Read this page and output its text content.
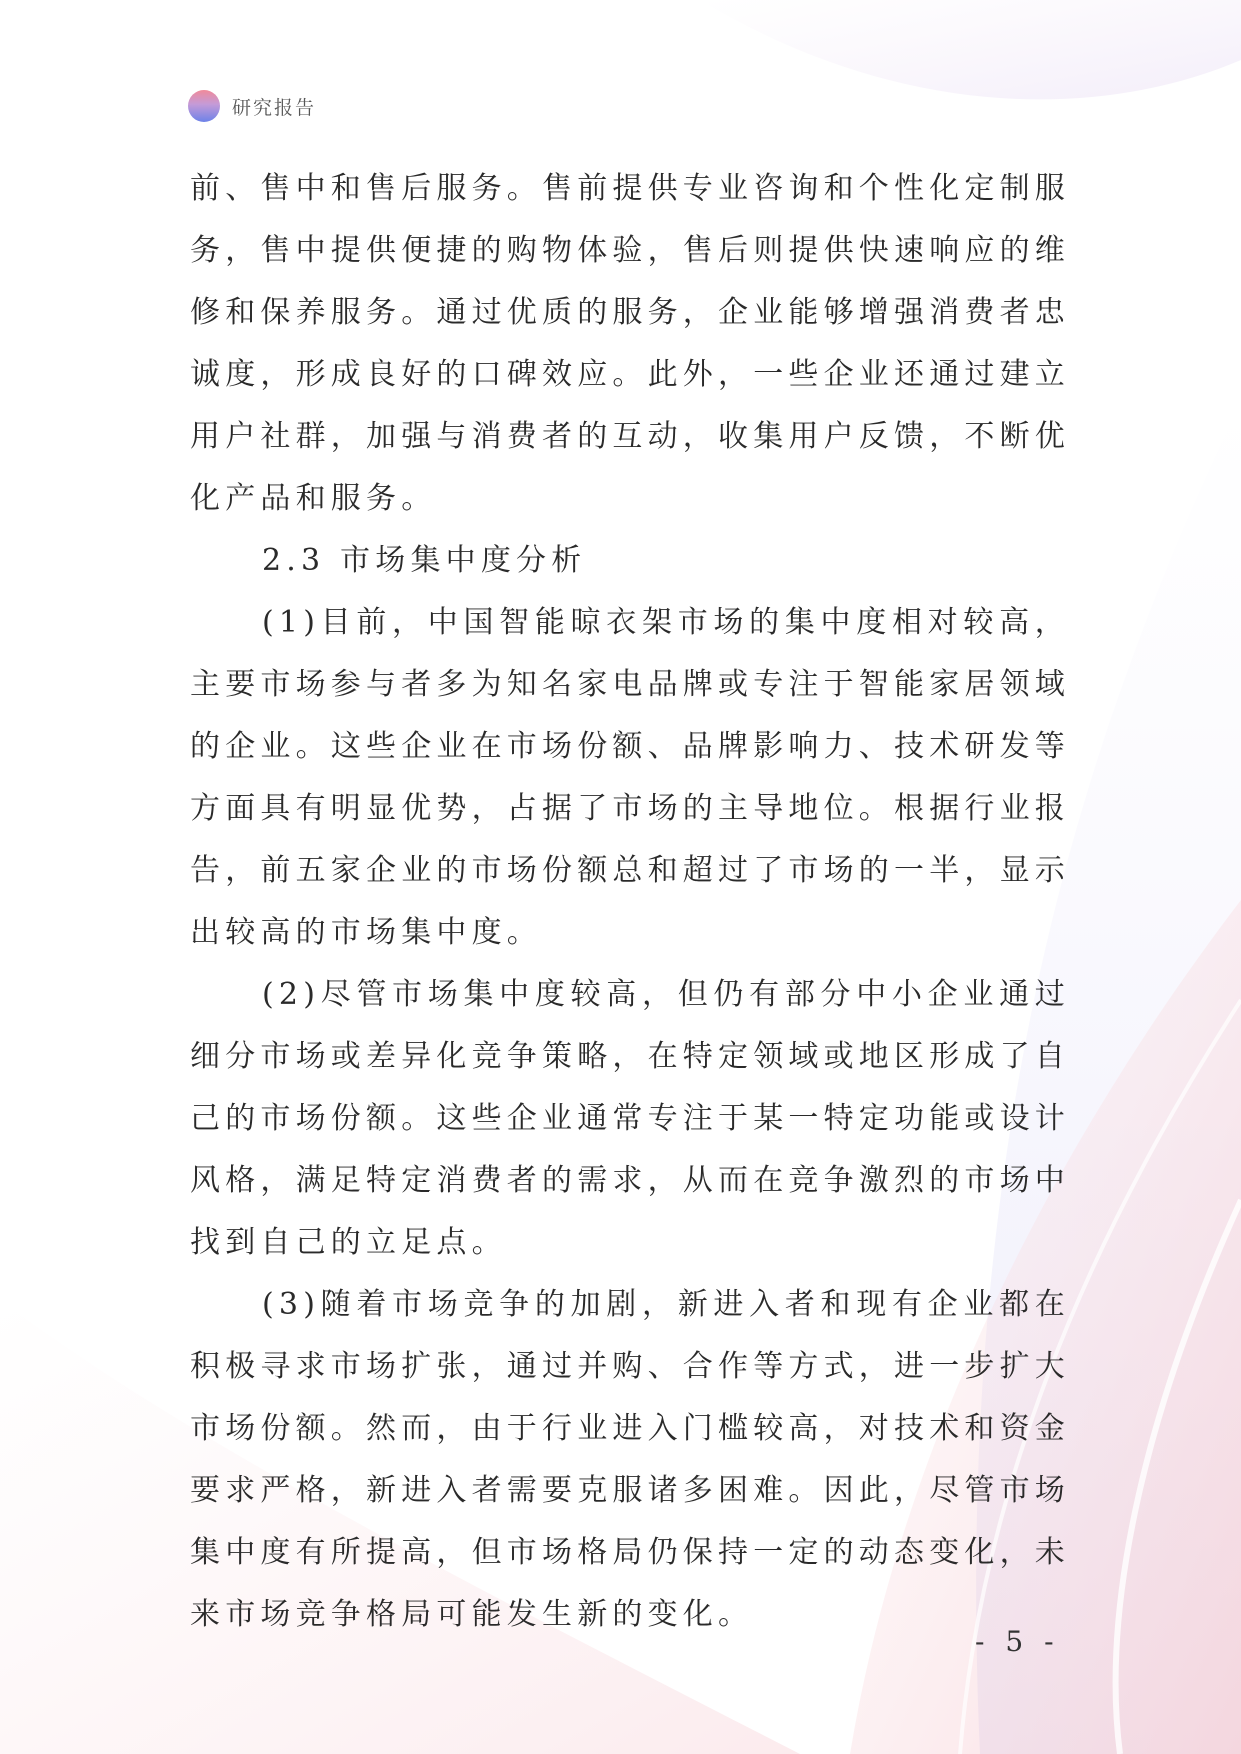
研究报告

前、售中和售后服务。售前提供专业咨询和个性化定制服务，售中提供便捷的购物体验，售后则提供快速响应的维修和保养服务。通过优质的服务，企业能够增强消费者忠诚度，形成良好的口碑效应。此外，一些企业还通过建立用户社群，加强与消费者的互动，收集用户反馈，不断优化产品和服务。

2.3 市场集中度分析

(1)目前，中国智能晾衣架市场的集中度相对较高，主要市场参与者多为知名家电品牌或专注于智能家居领域的企业。这些企业在市场份额、品牌影响力、技术研发等方面具有明显优势，占据了市场的主导地位。根据行业报告，前五家企业的市场份额总和超过了市场的一半，显示出较高的市场集中度。

(2)尽管市场集中度较高，但仍有部分中小企业通过细分市场或差异化竞争策略，在特定领域或地区形成了自己的市场份额。这些企业通常专注于某一特定功能或设计风格，满足特定消费者的需求，从而在竞争激烈的市场中找到自己的立足点。

(3)随着市场竞争的加剧，新进入者和现有企业都在积极寻求市场扩张，通过并购、合作等方式，进一步扩大市场份额。然而，由于行业进入门槛较高，对技术和资金要求严格，新进入者需要克服诸多困难。因此，尽管市场集中度有所提高，但市场格局仍保持一定的动态变化，未来市场竞争格局可能发生新的变化。

- 5 -
